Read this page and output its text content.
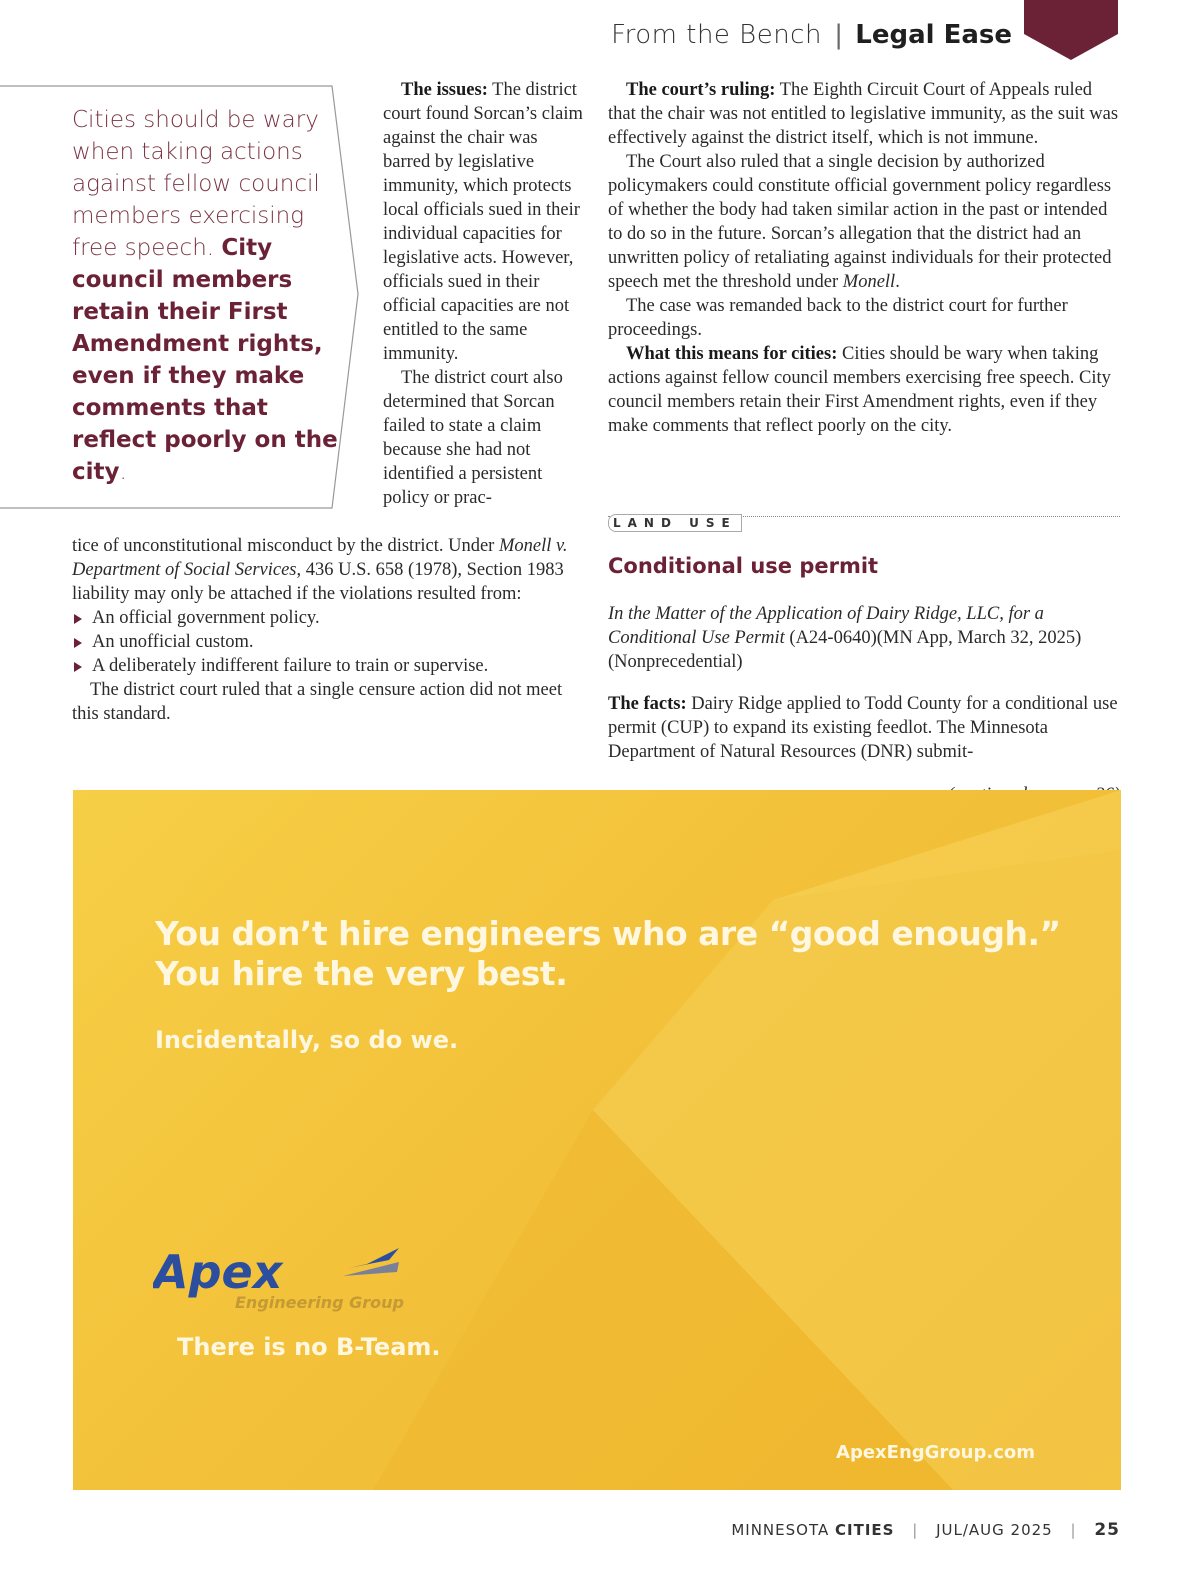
From the Bench | Legal Ease
Cities should be wary when taking actions against fellow council members exercising free speech. City council members retain their First Amendment rights, even if they make comments that reflect poorly on the city.

The issues: The district court found Sorcan’s claim against the chair was barred by legislative immunity, which protects local officials sued in their individual capacities for legislative acts. However, officials sued in their official capacities are not entitled to the same immunity.

The district court also determined that Sorcan failed to state a claim because she had not identified a persistent policy or prac-

tice of unconstitutional misconduct by the district. Under Monell v. Department of Social Services, 436 U.S. 658 (1978), Section 1983 liability may only be attached if the violations resulted from:

An official government policy.
An unofficial custom.
A deliberately indifferent failure to train or supervise.

The district court ruled that a single censure action did not meet this standard.

The court’s ruling: The Eighth Circuit Court of Appeals ruled that the chair was not entitled to legislative immunity, as the suit was effectively against the district itself, which is not immune.

The Court also ruled that a single decision by authorized policymakers could constitute official government policy regardless of whether the body had taken similar action in the past or intended to do so in the future. Sorcan’s allegation that the district had an unwritten policy of retaliating against individuals for their protected speech met the threshold under Monell.

The case was remanded back to the district court for further proceedings.

What this means for cities: Cities should be wary when taking actions against fellow council members exercising free speech. City council members retain their First Amendment rights, even if they make comments that reflect poorly on the city.

LAND USE
Conditional use permit

In the Matter of the Application of Dairy Ridge, LLC, for a Conditional Use Permit (A24-0640)(MN App, March 32, 2025) (Nonprecedential)

The facts: Dairy Ridge applied to Todd County for a conditional use permit (CUP) to expand its existing feedlot. The Minnesota Department of Natural Resources (DNR) submit-

You don’t hire engineers who are “good enough.”
You hire the very best.
Incidentally, so do we.
Apex
Engineering Group
There is no B-Team.
ApexEngGroup.com
MINNESOTA CITIES | JUL/AUG 2025 | 25
